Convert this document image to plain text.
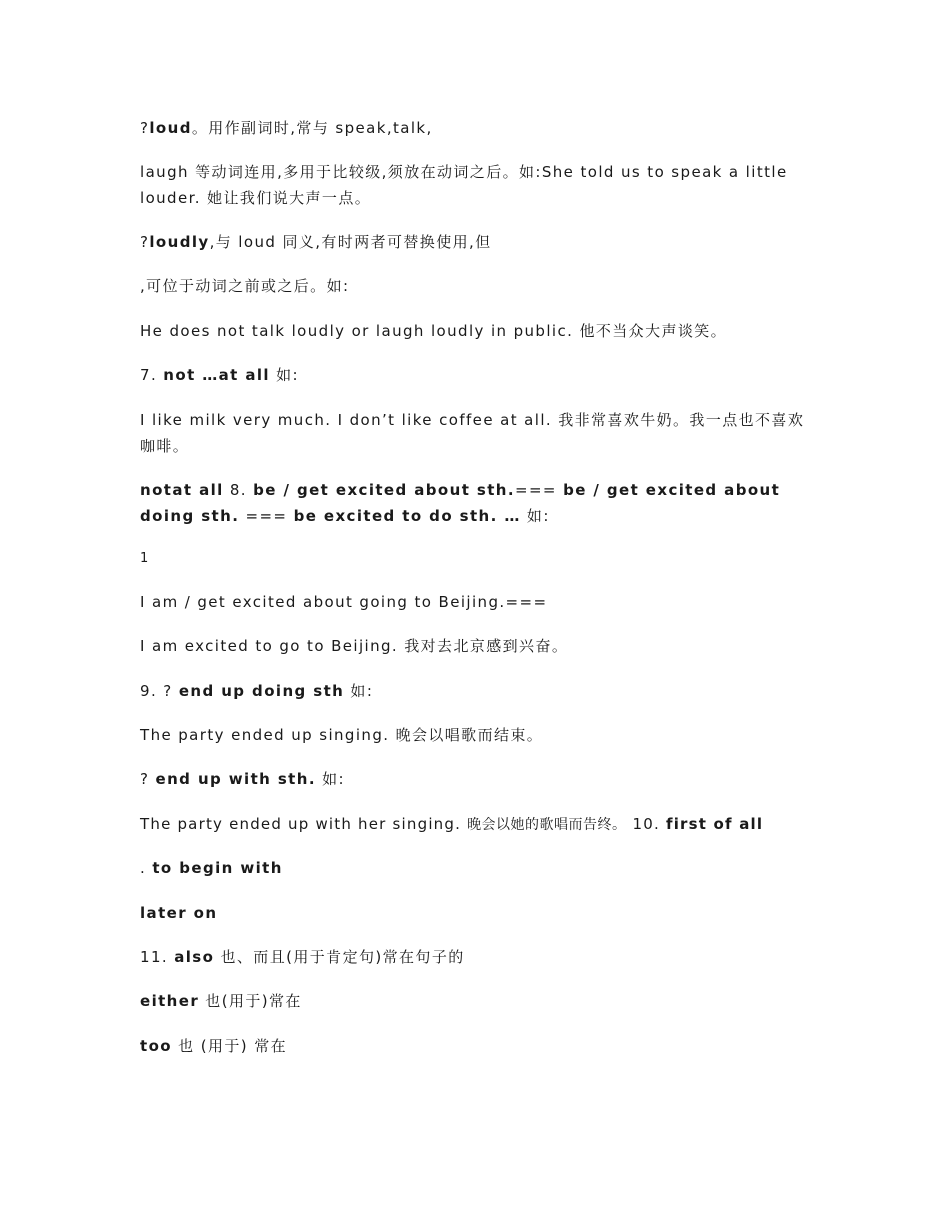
?loud。用作副词时,常与 speak,talk,
laugh 等动词连用,多用于比较级,须放在动词之后。如:She told us to speak a little louder. 她让我们说大声一点。
?loudly,与 loud 同义,有时两者可替换使用,但
,可位于动词之前或之后。如:
He does not talk loudly or laugh loudly in public. 他不当众大声谈笑。
7. not …at all 如:
I like milk very much. I don’t like coffee at all. 我非常喜欢牛奶。我一点也不喜欢咖啡。
notat all 8. be / get excited about sth.=== be / get excited about doing sth. === be excited to do sth. … 如:
1
I am / get excited about going to Beijing.===
I am excited to go to Beijing. 我对去北京感到兴奋。
9. ? end up doing sth 如:
The party ended up singing. 晚会以唱歌而结束。
? end up with sth. 如:
The party ended up with her singing. 晚会以她的歌唱而告终。 10. first of all
. to begin with
later on
11. also 也、而且(用于肯定句)常在句子的
either 也(用于)常在
too 也 (用于) 常在
